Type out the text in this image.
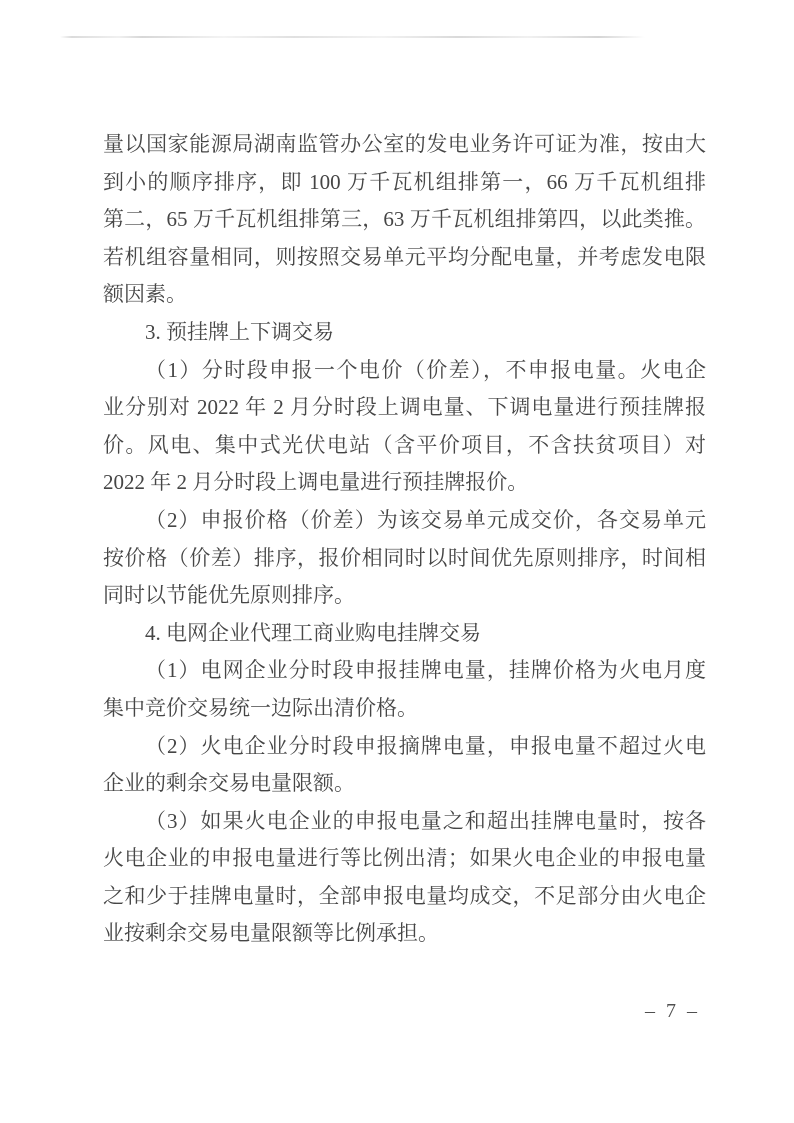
量以国家能源局湖南监管办公室的发电业务许可证为准，按由大
到小的顺序排序，即 100 万千瓦机组排第一，66 万千瓦机组排
第二，65 万千瓦机组排第三，63 万千瓦机组排第四，以此类推。
若机组容量相同，则按照交易单元平均分配电量，并考虑发电限
额因素。
3. 预挂牌上下调交易
（1）分时段申报一个电价（价差），不申报电量。火电企
业分别对 2022 年 2 月分时段上调电量、下调电量进行预挂牌报
价。风电、集中式光伏电站（含平价项目，不含扶贫项目）对
2022 年 2 月分时段上调电量进行预挂牌报价。
（2）申报价格（价差）为该交易单元成交价，各交易单元
按价格（价差）排序，报价相同时以时间优先原则排序，时间相
同时以节能优先原则排序。
4. 电网企业代理工商业购电挂牌交易
（1）电网企业分时段申报挂牌电量，挂牌价格为火电月度
集中竞价交易统一边际出清价格。
（2）火电企业分时段申报摘牌电量，申报电量不超过火电
企业的剩余交易电量限额。
（3）如果火电企业的申报电量之和超出挂牌电量时，按各
火电企业的申报电量进行等比例出清；如果火电企业的申报电量
之和少于挂牌电量时，全部申报电量均成交，不足部分由火电企
业按剩余交易电量限额等比例承担。
– 7 –
